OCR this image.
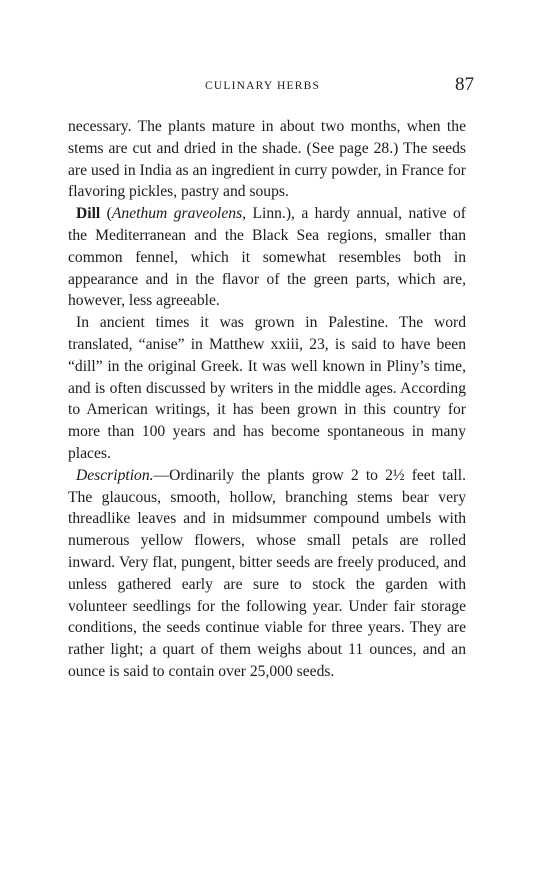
CULINARY HERBS	87

necessary. The plants mature in about two months, when the stems are cut and dried in the shade. (See page 28.) The seeds are used in India as an ingredient in curry powder, in France for flavoring pickles, pastry and soups.

Dill (Anethum graveolens, Linn.), a hardy annual, native of the Mediterranean and the Black Sea regions, smaller than common fennel, which it somewhat resembles both in appearance and in the flavor of the green parts, which are, however, less agreeable.

In ancient times it was grown in Palestine. The word translated, “anise” in Matthew xxiii, 23, is said to have been “dill” in the original Greek. It was well known in Pliny’s time, and is often discussed by writers in the middle ages. According to American writings, it has been grown in this country for more than 100 years and has become spontaneous in many places.

Description.—Ordinarily the plants grow 2 to 2½ feet tall. The glaucous, smooth, hollow, branching stems bear very threadlike leaves and in midsummer compound umbels with numerous yellow flowers, whose small petals are rolled inward. Very flat, pungent, bitter seeds are freely produced, and unless gathered early are sure to stock the garden with volunteer seedlings for the following year. Under fair storage conditions, the seeds continue viable for three years. They are rather light; a quart of them weighs about 11 ounces, and an ounce is said to contain over 25,000 seeds.
